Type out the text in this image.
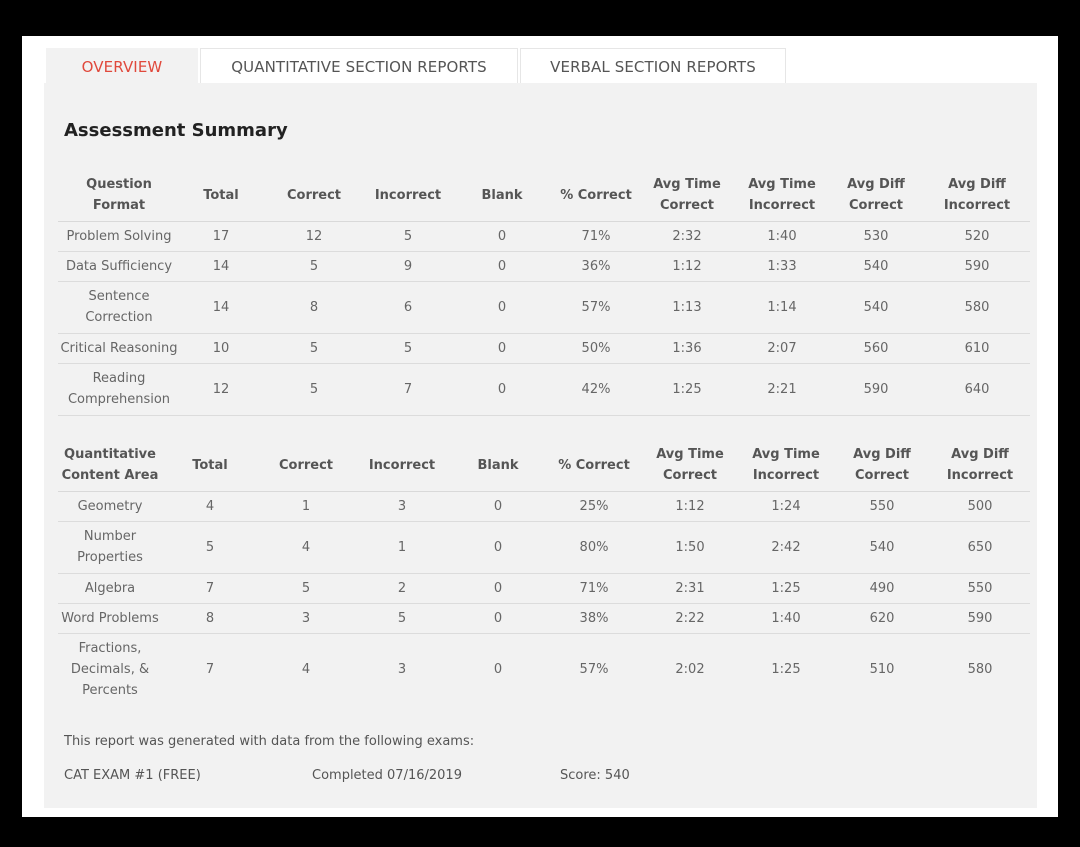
OVERVIEW	QUANTITATIVE SECTION REPORTS	VERBAL SECTION REPORTS
Assessment Summary
Question Format	Total	Correct	Incorrect	Blank	% Correct	Avg Time Correct	Avg Time Incorrect	Avg Diff Correct	Avg Diff Incorrect
Problem Solving	17	12	5	0	71%	2:32	1:40	530	520
Data Sufficiency	14	5	9	0	36%	1:12	1:33	540	590
Sentence Correction	14	8	6	0	57%	1:13	1:14	540	580
Critical Reasoning	10	5	5	0	50%	1:36	2:07	560	610
Reading Comprehension	12	5	7	0	42%	1:25	2:21	590	640
Quantitative Content Area	Total	Correct	Incorrect	Blank	% Correct	Avg Time Correct	Avg Time Incorrect	Avg Diff Correct	Avg Diff Incorrect
Geometry	4	1	3	0	25%	1:12	1:24	550	500
Number Properties	5	4	1	0	80%	1:50	2:42	540	650
Algebra	7	5	2	0	71%	2:31	1:25	490	550
Word Problems	8	3	5	0	38%	2:22	1:40	620	590
Fractions, Decimals, & Percents	7	4	3	0	57%	2:02	1:25	510	580
This report was generated with data from the following exams:
CAT EXAM #1 (FREE)	Completed 07/16/2019	Score: 540
